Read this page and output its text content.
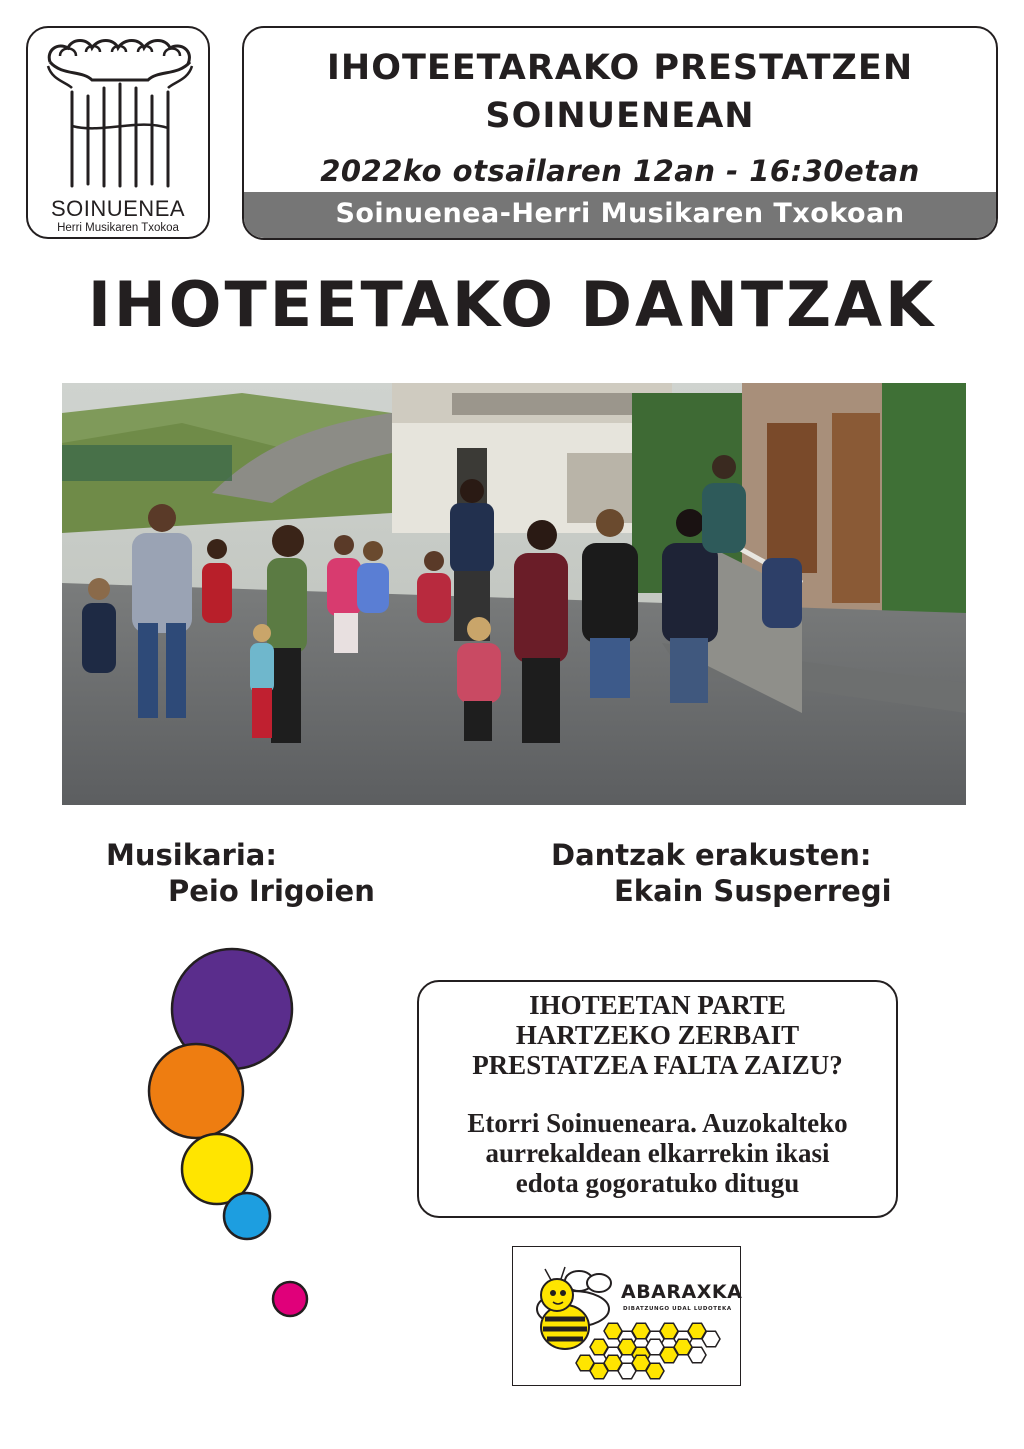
SOINUENEA
Herri Musikaren Txokoa
IHOTEETARAKO PRESTATZEN
SOINUENEAN
2022ko otsailaren 12an - 16:30etan
Soinuenea-Herri Musikaren Txokoan
IHOTEETAKO DANTZAK
Musikaria:
Peio Irigoien
Dantzak erakusten:
Ekain Susperregi
IHOTEETAN PARTE
HARTZEKO ZERBAIT
PRESTATZEA FALTA ZAIZU?
Etorri Soinueneara. Auzokalteko
aurrekaldean elkarrekin ikasi
edota gogoratuko ditugu
ABARAXKA
DIBATZUNGO UDAL LUDOTEKA
